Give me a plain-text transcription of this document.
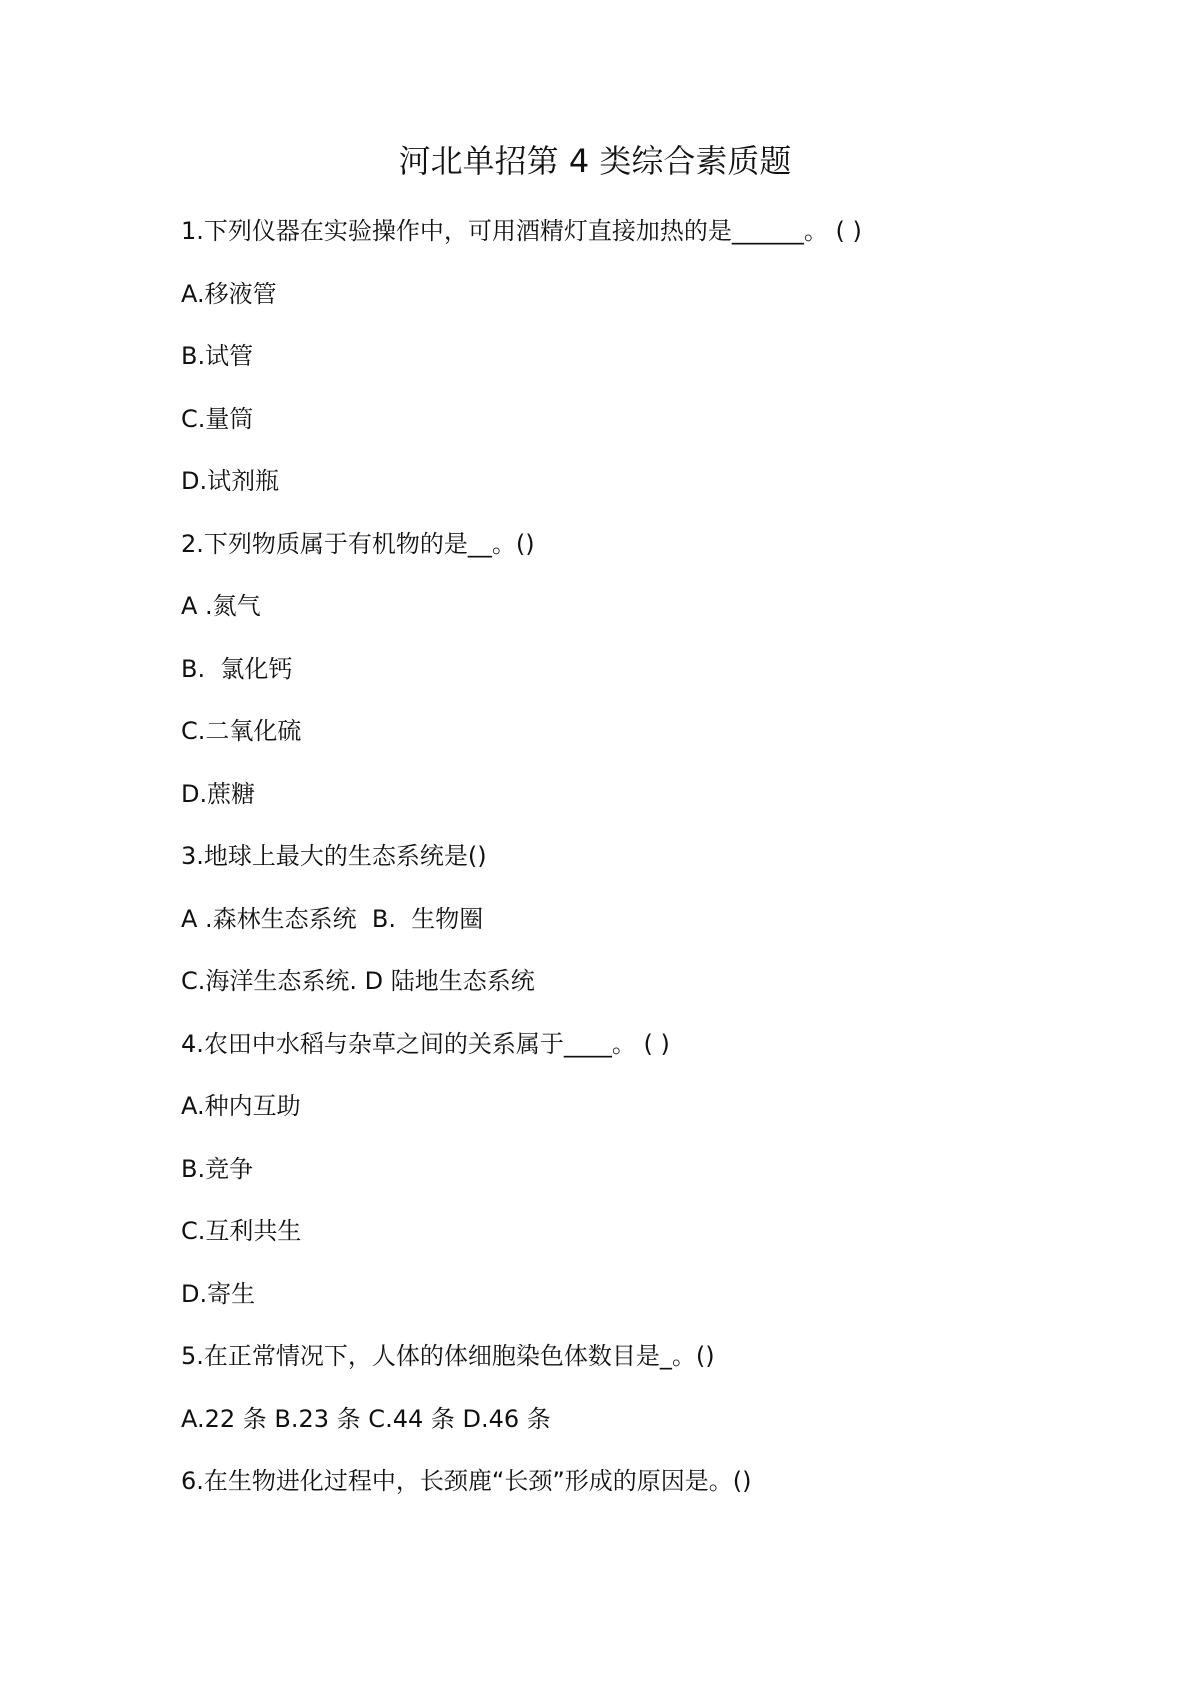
河北单招第 4 类综合素质题
1.下列仪器在实验操作中，可用酒精灯直接加热的是______。 ( )
A.移液管
B.试管
C.量筒
D.试剂瓶
2.下列物质属于有机物的是__。()
A .氮气
B.  氯化钙
C.二氧化硫
D.蔗糖
3.地球上最大的生态系统是()
A .森林生态系统  B.  生物圈
C.海洋生态系统. D 陆地生态系统
4.农田中水稻与杂草之间的关系属于____。 ( )
A.种内互助
B.竞争
C.互利共生
D.寄生
5.在正常情况下，人体的体细胞染色体数目是_。()
A.22 条 B.23 条 C.44 条 D.46 条
6.在生物进化过程中，长颈鹿“长颈”形成的原因是。()
